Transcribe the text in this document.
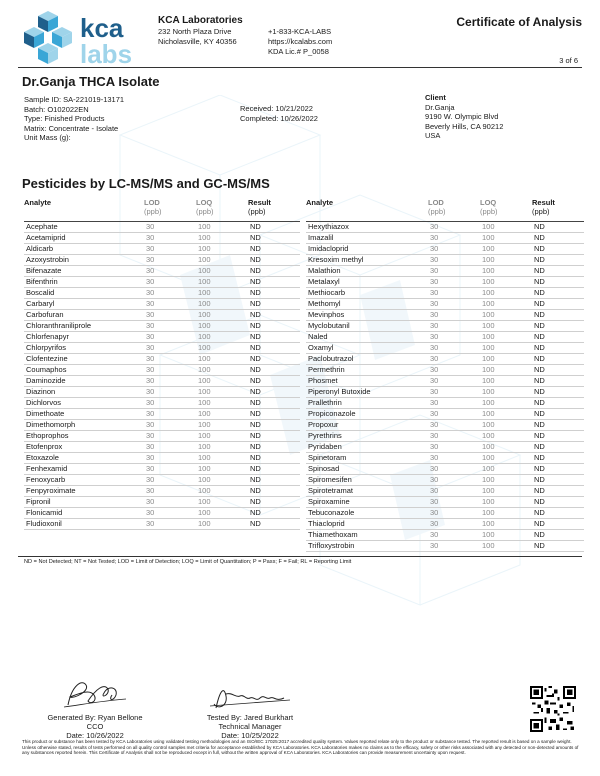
kca
labs
KCA Laboratories
232 North Plaza Drive
Nicholasville, KY 40356
+1-833-KCA-LABS
https://kcalabs.com
KDA Lic.# P_0058
Certificate of Analysis
3 of 6
Dr.Ganja THCA Isolate
Sample ID: SA-221019-13171
Batch: O102022EN
Type: Finished Products
Matrix: Concentrate - Isolate
Unit Mass (g):
Received: 10/21/2022
Completed: 10/26/2022
Client
Dr.Ganja
9190 W. Olympic Blvd
Beverly Hills, CA 90212
USA
Pesticides by LC-MS/MS and GC-MS/MS
Analyte	LOD
(ppb)	LOQ
(ppb)	Result
(ppb)

Acephate	30	100	ND
Acetamiprid	30	100	ND
Aldicarb	30	100	ND
Azoxystrobin	30	100	ND
Bifenazate	30	100	ND
Bifenthrin	30	100	ND
Boscalid	30	100	ND
Carbaryl	30	100	ND
Carbofuran	30	100	ND
Chloranthraniliprole	30	100	ND
Chlorfenapyr	30	100	ND
Chlorpyrifos	30	100	ND
Clofentezine	30	100	ND
Coumaphos	30	100	ND
Daminozide	30	100	ND
Diazinon	30	100	ND
Dichlorvos	30	100	ND
Dimethoate	30	100	ND
Dimethomorph	30	100	ND
Ethoprophos	30	100	ND
Etofenprox	30	100	ND
Etoxazole	30	100	ND
Fenhexamid	30	100	ND
Fenoxycarb	30	100	ND
Fenpyroximate	30	100	ND
Fipronil	30	100	ND
Flonicamid	30	100	ND
Fludioxonil	30	100	ND
Analyte	LOD
(ppb)	LOQ
(ppb)	Result
(ppb)

Hexythiazox	30	100	ND
Imazalil	30	100	ND
Imidacloprid	30	100	ND
Kresoxim methyl	30	100	ND
Malathion	30	100	ND
Metalaxyl	30	100	ND
Methiocarb	30	100	ND
Methomyl	30	100	ND
Mevinphos	30	100	ND
Myclobutanil	30	100	ND
Naled	30	100	ND
Oxamyl	30	100	ND
Paclobutrazol	30	100	ND
Permethrin	30	100	ND
Phosmet	30	100	ND
Piperonyl Butoxide	30	100	ND
Prallethrin	30	100	ND
Propiconazole	30	100	ND
Propoxur	30	100	ND
Pyrethrins	30	100	ND
Pyridaben	30	100	ND
Spinetoram	30	100	ND
Spinosad	30	100	ND
Spiromesifen	30	100	ND
Spirotetramat	30	100	ND
Spiroxamine	30	100	ND
Tebuconazole	30	100	ND
Thiacloprid	30	100	ND
Thiamethoxam	30	100	ND
Trifloxystrobin	30	100	ND
ND = Not Detected; NT = Not Tested; LOD = Limit of Detection; LOQ = Limit of Quantitation; P = Pass; F = Fail; RL = Reporting Limit
Generated By: Ryan Bellone
CCO
Date: 10/26/2022
Tested By: Jared Burkhart
Technical Manager
Date: 10/25/2022
This product or substance has been tested by KCA Laboratories using validated testing methodologies and an ISO/IEC 17025:2017 accredited quality system. Values reported relate only to the product or substance tested. The reported result is based on a sample weight. Unless otherwise stated, results of tests performed on all quality control samples met criteria for acceptance established by KCA Laboratories. KCA Laboratories makes no claims as to the efficacy, safety or other risks associated with any detected or non-detected amounts of any substances reported herein. This Certificate of Analysis shall not be reproduced except in full, without the written approval of KCA Laboratories. KCA Laboratories can provide measurement uncertainty upon request.
